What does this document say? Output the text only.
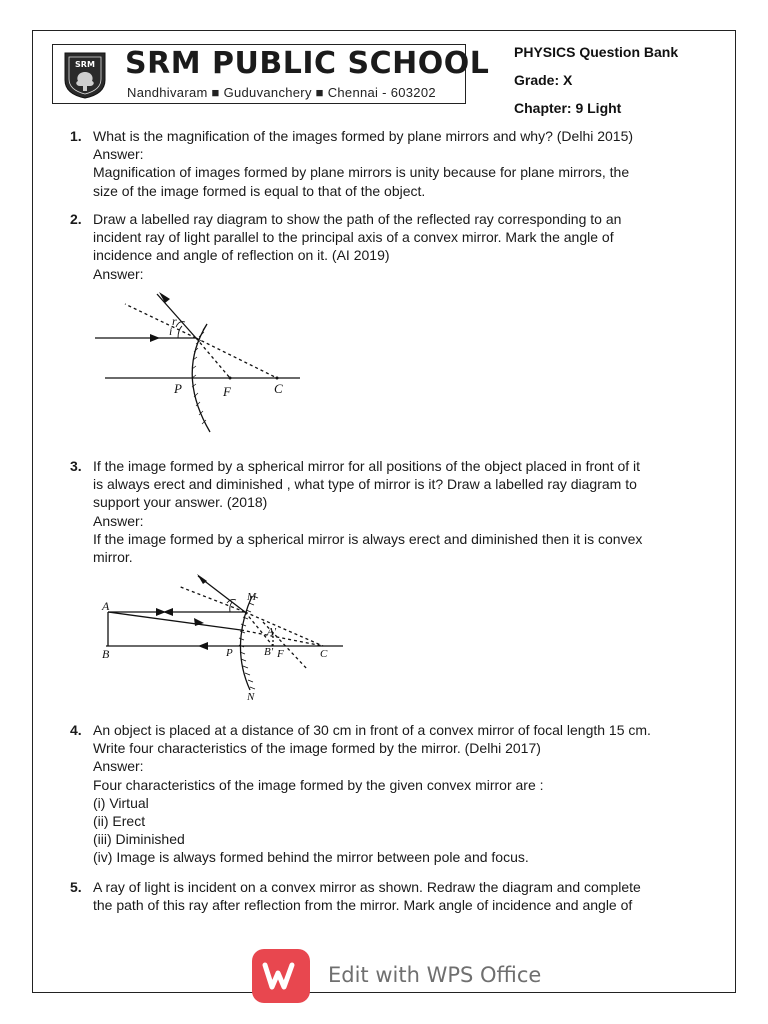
SRM SRM PUBLIC SCHOOL
Nandhivaram ■ Guduvanchery ■ Chennai - 603202
PHYSICS Question Bank
Grade: X
Chapter: 9 Light
1. What is the magnification of the images formed by plane mirrors and why? (Delhi 2015)
Answer:
Magnification of images formed by plane mirrors is unity because for plane mirrors, the
size of the image formed is equal to that of the object.
2. Draw a labelled ray diagram to show the path of the reflected ray corresponding to an
incident ray of light parallel to the principal axis of a convex mirror. Mark the angle of
incidence and angle of reflection on it. (AI 2019)
Answer:
i
r
P	F	C
3. If the image formed by a spherical mirror for all positions of the object placed in front of it
is always erect and diminished , what type of mirror is it? Draw a labelled ray diagram to
support your answer. (2018)
Answer:
If the image formed by a spherical mirror is always erect and diminished then it is convex
mirror.
A
B
M
N
P
A'
B' F	C
4. An object is placed at a distance of 30 cm in front of a convex mirror of focal length 15 cm.
Write four characteristics of the image formed by the mirror. (Delhi 2017)
Answer:
Four characteristics of the image formed by the given convex mirror are :
(i) Virtual
(ii) Erect
(iii) Diminished
(iv) Image is always formed behind the mirror between pole and focus.
5. A ray of light is incident on a convex mirror as shown. Redraw the diagram and complete
the path of this ray after reflection from the mirror. Mark angle of incidence and angle of
Edit with WPS Office
